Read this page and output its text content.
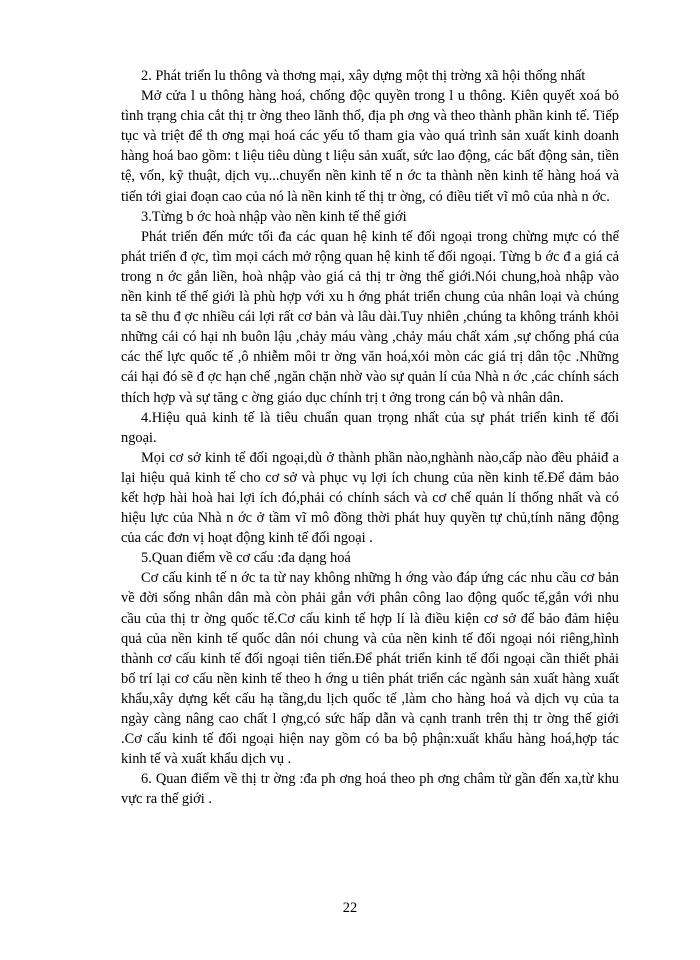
2. Phát triển lu thông và thơng mại, xây dựng một thị trờng xã hội thống nhất

Mở cửa l u thông hàng hoá, chống độc quyền trong l u thông. Kiên quyết xoá bỏ tình trạng chia cắt thị tr ờng theo lãnh thổ, địa ph ơng và theo thành phần kinh tế. Tiếp tục và triệt để th ơng mại hoá các yếu tố tham gia vào quá trình sản xuất kinh doanh hàng hoá bao gồm: t liệu tiêu dùng t liệu sản xuất, sức lao động, các bất động sản, tiền tệ, vốn, kỹ thuật, dịch vụ...chuyển nền kinh tế n ớc ta thành nền kinh tế hàng hoá và tiến tới giai đoạn cao của nó là nền kinh tế thị tr ờng, có điều tiết vĩ mô của nhà n ớc.

3.Từng b ớc hoà nhập vào nền kinh tế thế giới

Phát triển đến mức tối đa các quan hệ kinh tế đối ngoại trong chừng mực có thể phát triển đ ợc, tìm mọi cách mở rộng quan hệ kinh tế đối ngoại. Từng b ớc đ a giá cả trong n ớc gắn liền, hoà nhập vào giá cả thị tr ờng thế giới.Nói chung,hoà nhập vào nền kinh tế thế giới là phù hợp với xu h ớng phát triển chung của nhân loại và chúng ta sẽ thu đ ợc nhiều cái lợi rất cơ bản và lâu dài.Tuy nhiên ,chúng ta không tránh khỏi những cái có hại nh buôn lậu ,chảy máu vàng ,chảy máu chất xám ,sự chống phá của các thế lực quốc tế ,ô nhiễm môi tr ờng văn hoá,xói mòn các giá trị dân tộc .Những cái hại đó sẽ đ ợc hạn chế ,ngăn chặn nhờ vào sự quản lí của Nhà n ớc ,các chính sách thích hợp và sự tăng c ờng giáo dục chính trị t ởng trong cán bộ và nhân dân.

4.Hiệu quả kinh tế là tiêu chuẩn quan trọng nhất của sự phát triển kinh tế đối ngoại.

Mọi cơ sở kinh tế đối ngoại,dù ở thành phần nào,nghành nào,cấp nào đều phảiđ a lại hiệu quả kinh tế cho cơ sở và phục vụ lợi ích chung của nền kinh tế.Để đảm bảo kết hợp hài hoà hai lợi ích đó,phải có chính sách và cơ chế quản lí thống nhất và có hiệu lực của Nhà n ớc ở tầm vĩ mô đồng thời phát huy quyền tự chủ,tính năng động của các đơn vị hoạt động kinh tế đối ngoại .

5.Quan điểm về cơ cấu :đa dạng hoá

Cơ cấu kinh tế n ớc ta từ nay không những h ớng vào đáp ứng các nhu cầu cơ bản về đời sống nhân dân mà còn phải gắn với phân công lao động quốc tế,gắn với nhu cầu của thị tr ờng quốc tế.Cơ cấu kinh tế hợp lí là điều kiện cơ sở để bảo đảm hiệu quả của nền kinh tế quốc dân nói chung và của nền kinh tế đối ngoại nói riêng,hình thành cơ cấu kinh tế đối ngoại tiên tiến.Để phát triển kinh tế đối ngoại cần thiết phải bố trí lại cơ cấu nền kinh tế theo h ớng u tiên phát triển các ngành sản xuất hàng xuất khẩu,xây dựng kết cấu hạ tầng,du lịch quốc tế ,làm cho hàng hoá và dịch vụ của ta ngày càng nâng cao chất l ợng,có sức hấp dẫn và cạnh tranh trên thị tr ờng thế giới .Cơ cấu kinh tế đối ngoại hiện nay gồm có ba bộ phận:xuất khẩu hàng hoá,hợp tác kinh tế và xuất khẩu dịch vụ .

6. Quan điểm về thị tr ờng :đa ph ơng hoá theo ph ơng châm từ gần đến xa,từ khu vực ra thế giới .

22
